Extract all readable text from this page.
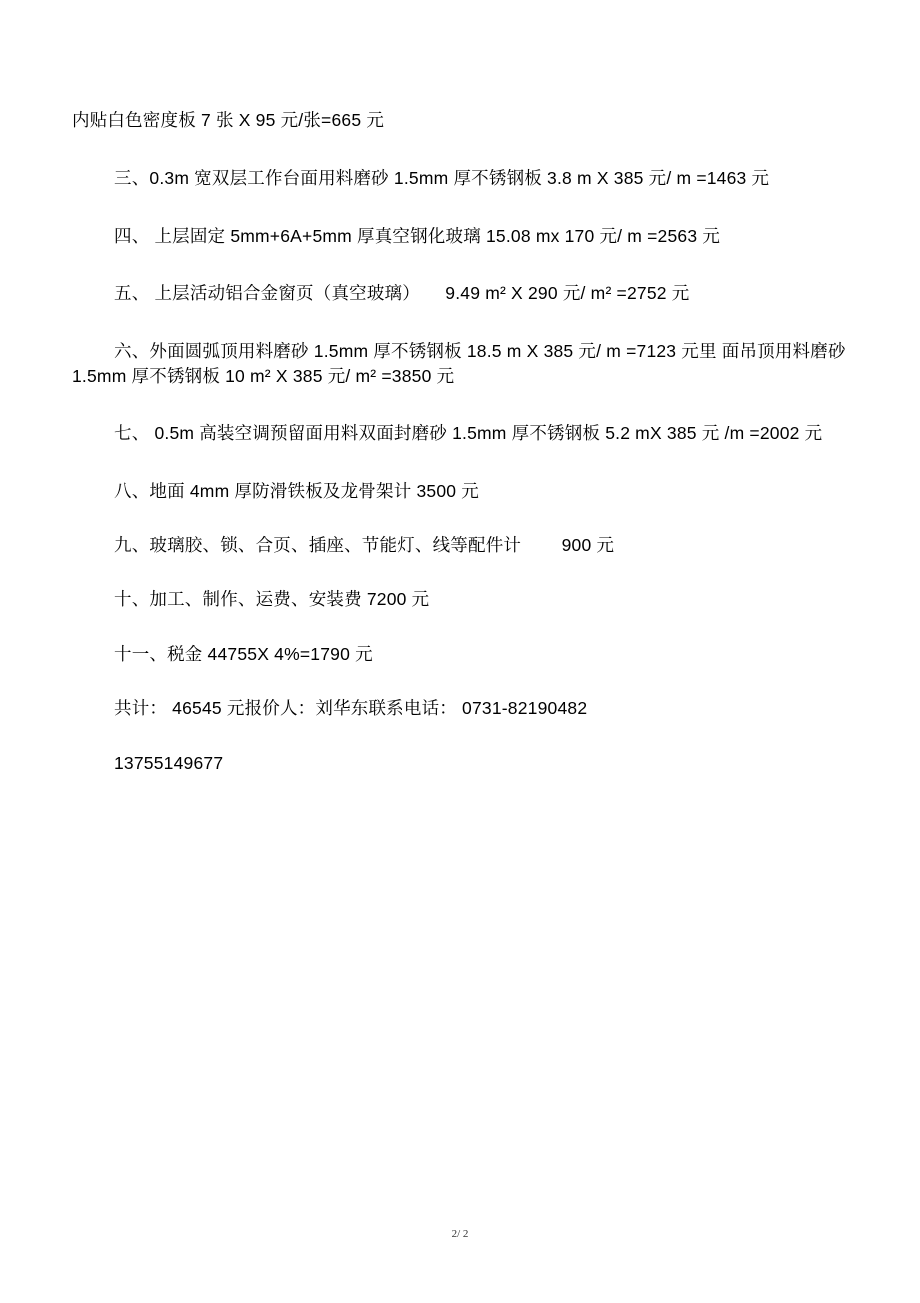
内贴白色密度板 7 张 X 95 元/张=665 元

三、0.3m 宽双层工作台面用料磨砂 1.5mm 厚不锈钢板 3.8 m X 385 元/ m =1463 元

四、 上层固定 5mm+6A+5mm 厚真空钢化玻璃 15.08 mx 170 元/ m =2563 元

五、 上层活动铝合金窗页（真空玻璃）     9.49 m² X 290 元/ m² =2752 元

六、外面圆弧顶用料磨砂 1.5mm 厚不锈钢板 18.5 m X 385 元/ m =7123 元里 面吊顶用料磨砂 1.5mm 厚不锈钢板 10 m² X 385 元/ m² =3850 元

七、 0.5m 高装空调预留面用料双面封磨砂 1.5mm 厚不锈钢板 5.2 mX 385 元 /m =2002 元

八、地面 4mm 厚防滑铁板及龙骨架计 3500 元

九、玻璃胶、锁、合页、插座、节能灯、线等配件计        900 元

十、加工、制作、运费、安装费 7200 元

十一、税金 44755X 4%=1790 元

共计： 46545 元报价人：刘华东联系电话： 0731-82190482

13755149677

2/ 2
